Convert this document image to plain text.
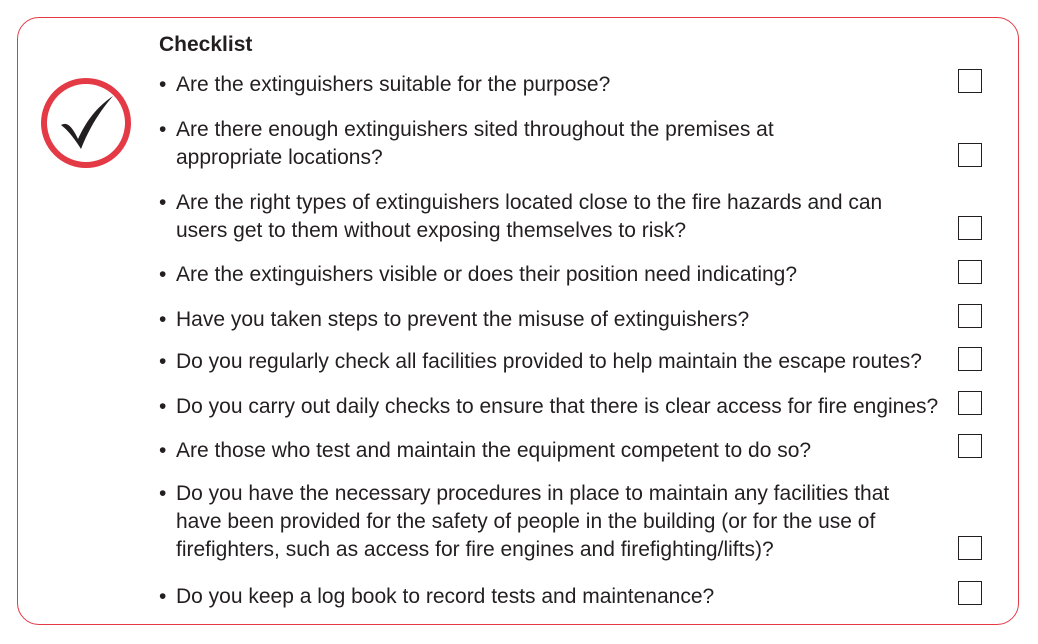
Checklist
• Are the extinguishers suitable for the purpose?
• Are there enough extinguishers sited throughout the premises at
appropriate locations?
• Are the right types of extinguishers located close to the fire hazards and can
users get to them without exposing themselves to risk?
• Are the extinguishers visible or does their position need indicating?
• Have you taken steps to prevent the misuse of extinguishers?
• Do you regularly check all facilities provided to help maintain the escape routes?
• Do you carry out daily checks to ensure that there is clear access for fire engines?
• Are those who test and maintain the equipment competent to do so?
• Do you have the necessary procedures in place to maintain any facilities that
have been provided for the safety of people in the building (or for the use of
firefighters, such as access for fire engines and firefighting/lifts)?
• Do you keep a log book to record tests and maintenance?
